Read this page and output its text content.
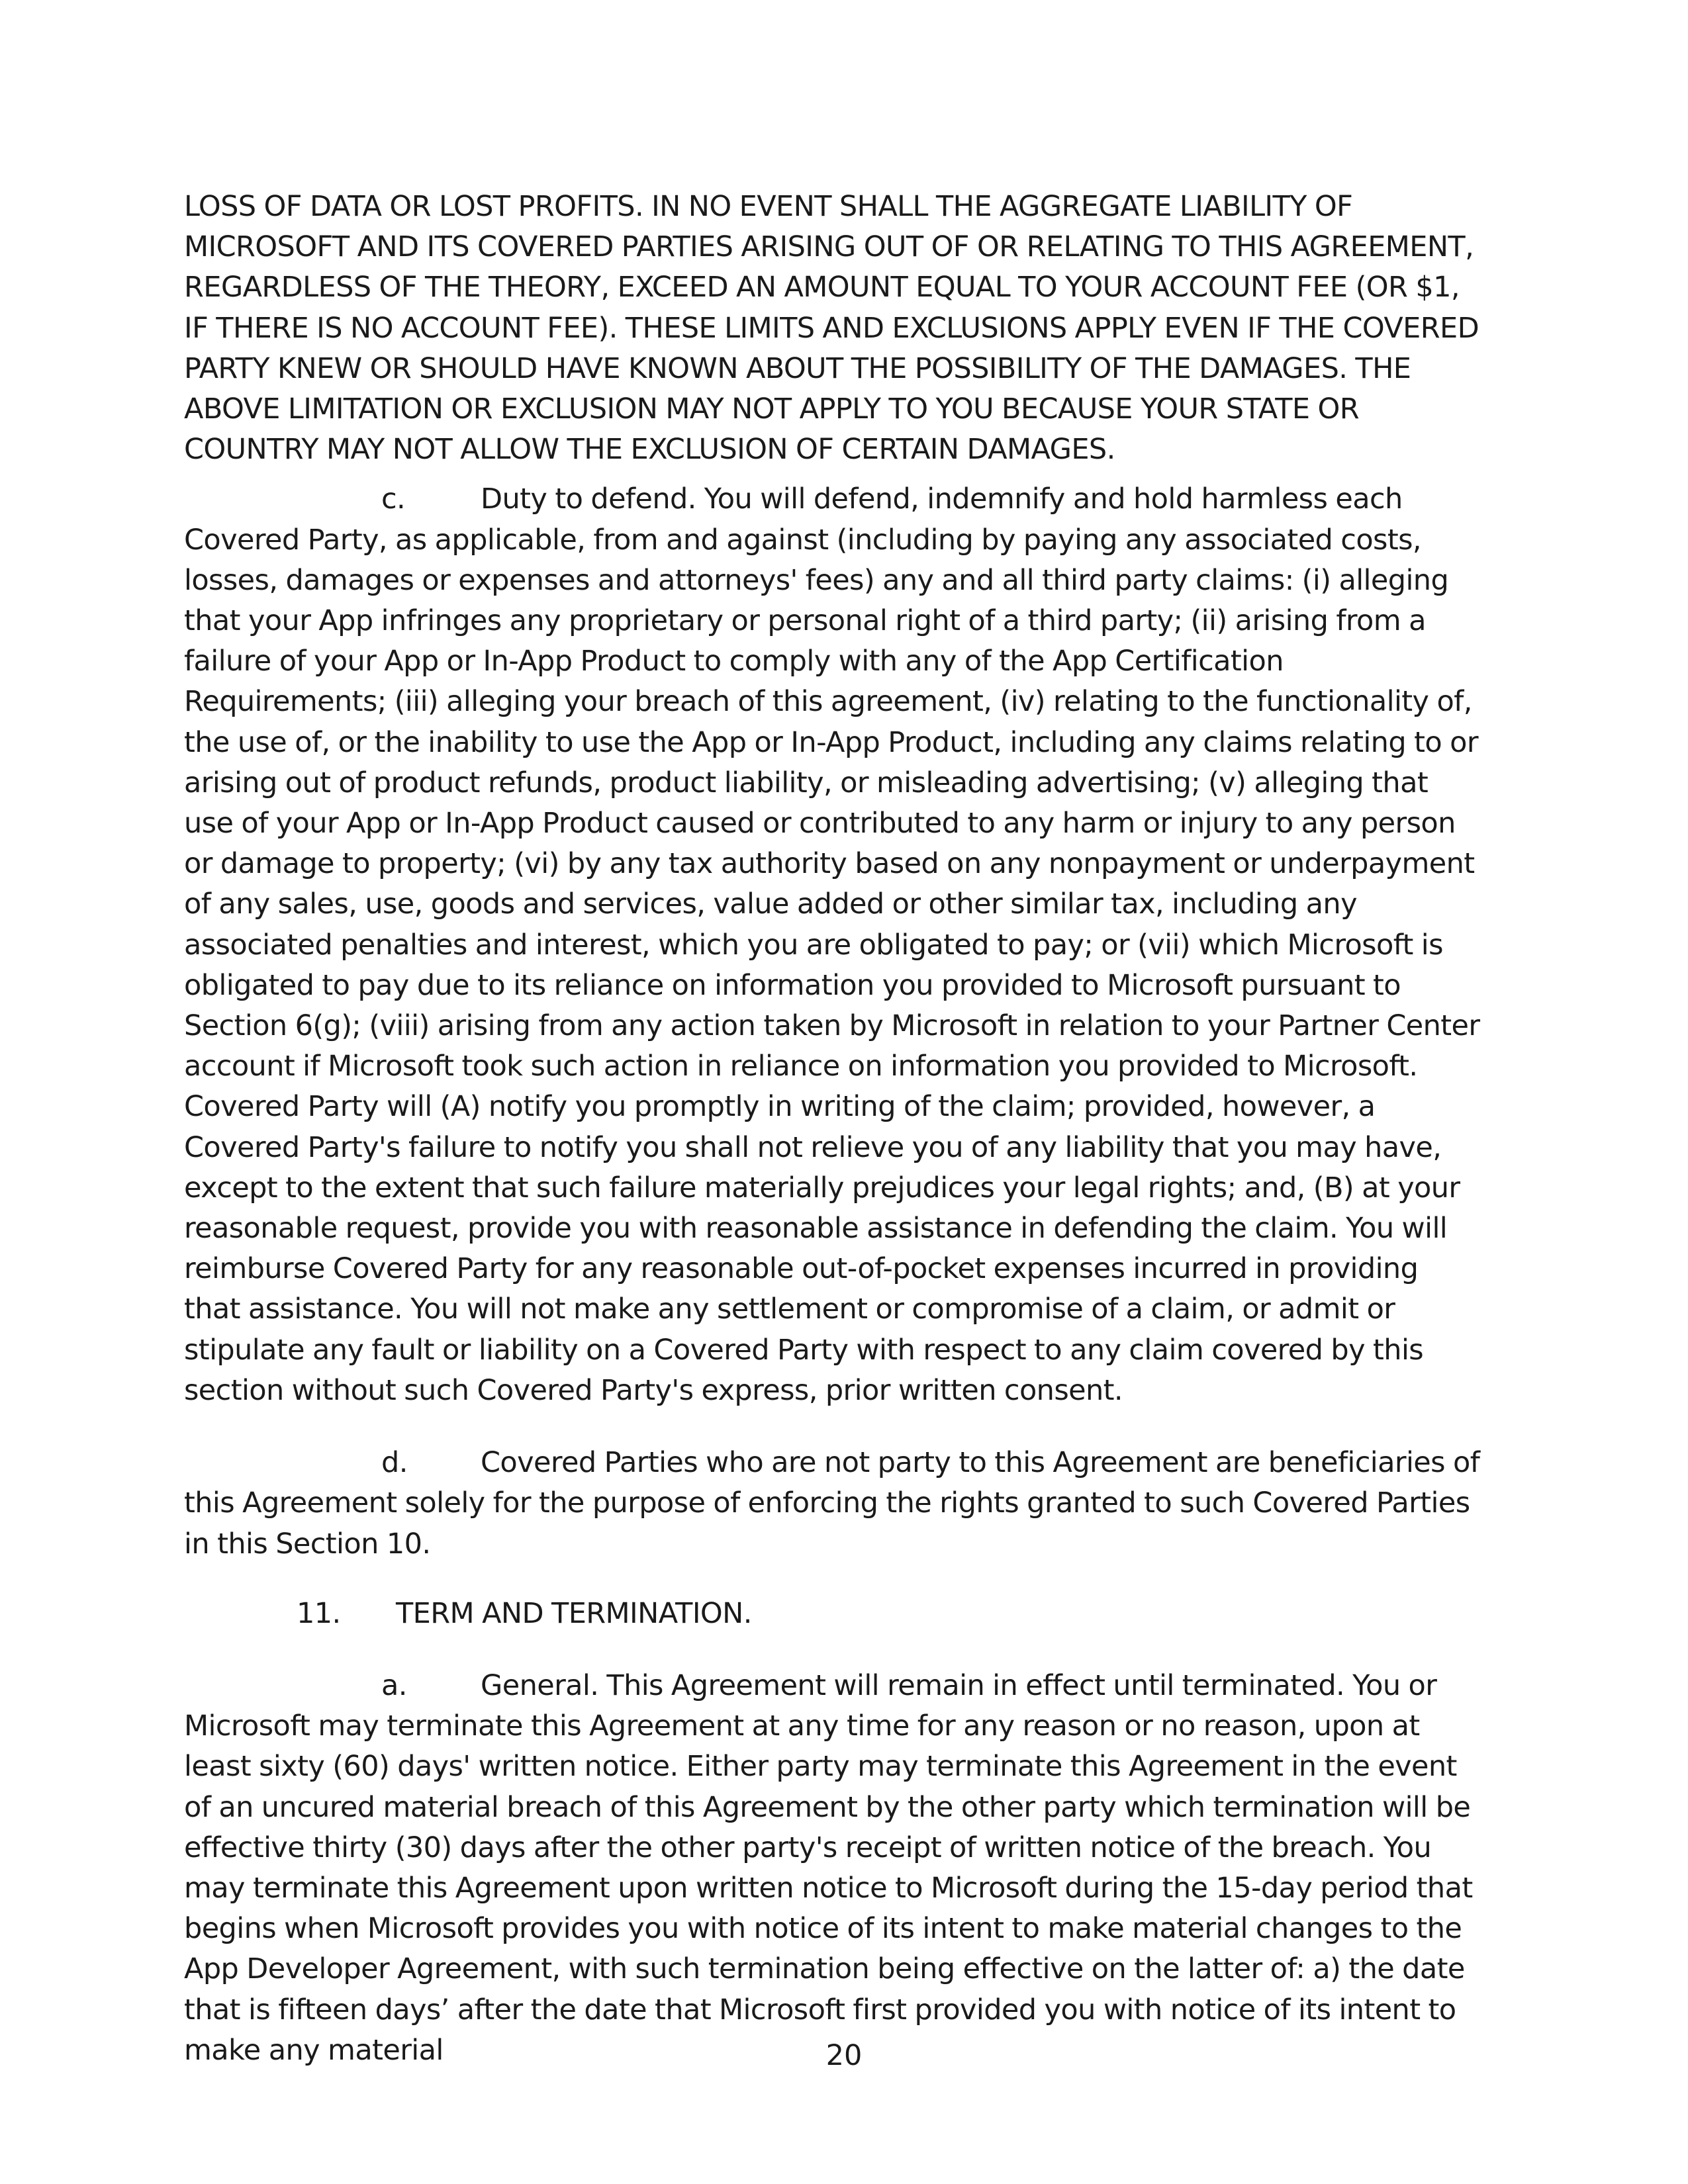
LOSS OF DATA OR LOST PROFITS. IN NO EVENT SHALL THE AGGREGATE LIABILITY OF MICROSOFT AND ITS COVERED PARTIES ARISING OUT OF OR RELATING TO THIS AGREEMENT, REGARDLESS OF THE THEORY, EXCEED AN AMOUNT EQUAL TO YOUR ACCOUNT FEE (OR $1, IF THERE IS NO ACCOUNT FEE). THESE LIMITS AND EXCLUSIONS APPLY EVEN IF THE COVERED PARTY KNEW OR SHOULD HAVE KNOWN ABOUT THE POSSIBILITY OF THE DAMAGES. THE ABOVE LIMITATION OR EXCLUSION MAY NOT APPLY TO YOU BECAUSE YOUR STATE OR COUNTRY MAY NOT ALLOW THE EXCLUSION OF CERTAIN DAMAGES.

c.	Duty to defend. You will defend, indemnify and hold harmless each Covered Party, as applicable, from and against (including by paying any associated costs, losses, damages or expenses and attorneys' fees) any and all third party claims: (i) alleging that your App infringes any proprietary or personal right of a third party; (ii) arising from a failure of your App or In-App Product to comply with any of the App Certification Requirements; (iii) alleging your breach of this agreement, (iv) relating to the functionality of, the use of, or the inability to use the App or In-App Product, including any claims relating to or arising out of product refunds, product liability, or misleading advertising; (v) alleging that use of your App or In-App Product caused or contributed to any harm or injury to any person or damage to property; (vi) by any tax authority based on any nonpayment or underpayment of any sales, use, goods and services, value added or other similar tax, including any associated penalties and interest, which you are obligated to pay; or (vii) which Microsoft is obligated to pay due to its reliance on information you provided to Microsoft pursuant to Section 6(g); (viii) arising from any action taken by Microsoft in relation to your Partner Center account if Microsoft took such action in reliance on information you provided to Microsoft. Covered Party will (A) notify you promptly in writing of the claim; provided, however, a Covered Party's failure to notify you shall not relieve you of any liability that you may have, except to the extent that such failure materially prejudices your legal rights; and, (B) at your reasonable request, provide you with reasonable assistance in defending the claim. You will reimburse Covered Party for any reasonable out-of-pocket expenses incurred in providing that assistance. You will not make any settlement or compromise of a claim, or admit or stipulate any fault or liability on a Covered Party with respect to any claim covered by this section without such Covered Party's express, prior written consent.

d.	Covered Parties who are not party to this Agreement are beneficiaries of this Agreement solely for the purpose of enforcing the rights granted to such Covered Parties in this Section 10.

11. TERM AND TERMINATION.

a.	General. This Agreement will remain in effect until terminated. You or Microsoft may terminate this Agreement at any time for any reason or no reason, upon at least sixty (60) days' written notice. Either party may terminate this Agreement in the event of an uncured material breach of this Agreement by the other party which termination will be effective thirty (30) days after the other party's receipt of written notice of the breach. You may terminate this Agreement upon written notice to Microsoft during the 15-day period that begins when Microsoft provides you with notice of its intent to make material changes to the App Developer Agreement, with such termination being effective on the latter of: a) the date that is fifteen days’ after the date that Microsoft first provided you with notice of its intent to make any material	20
